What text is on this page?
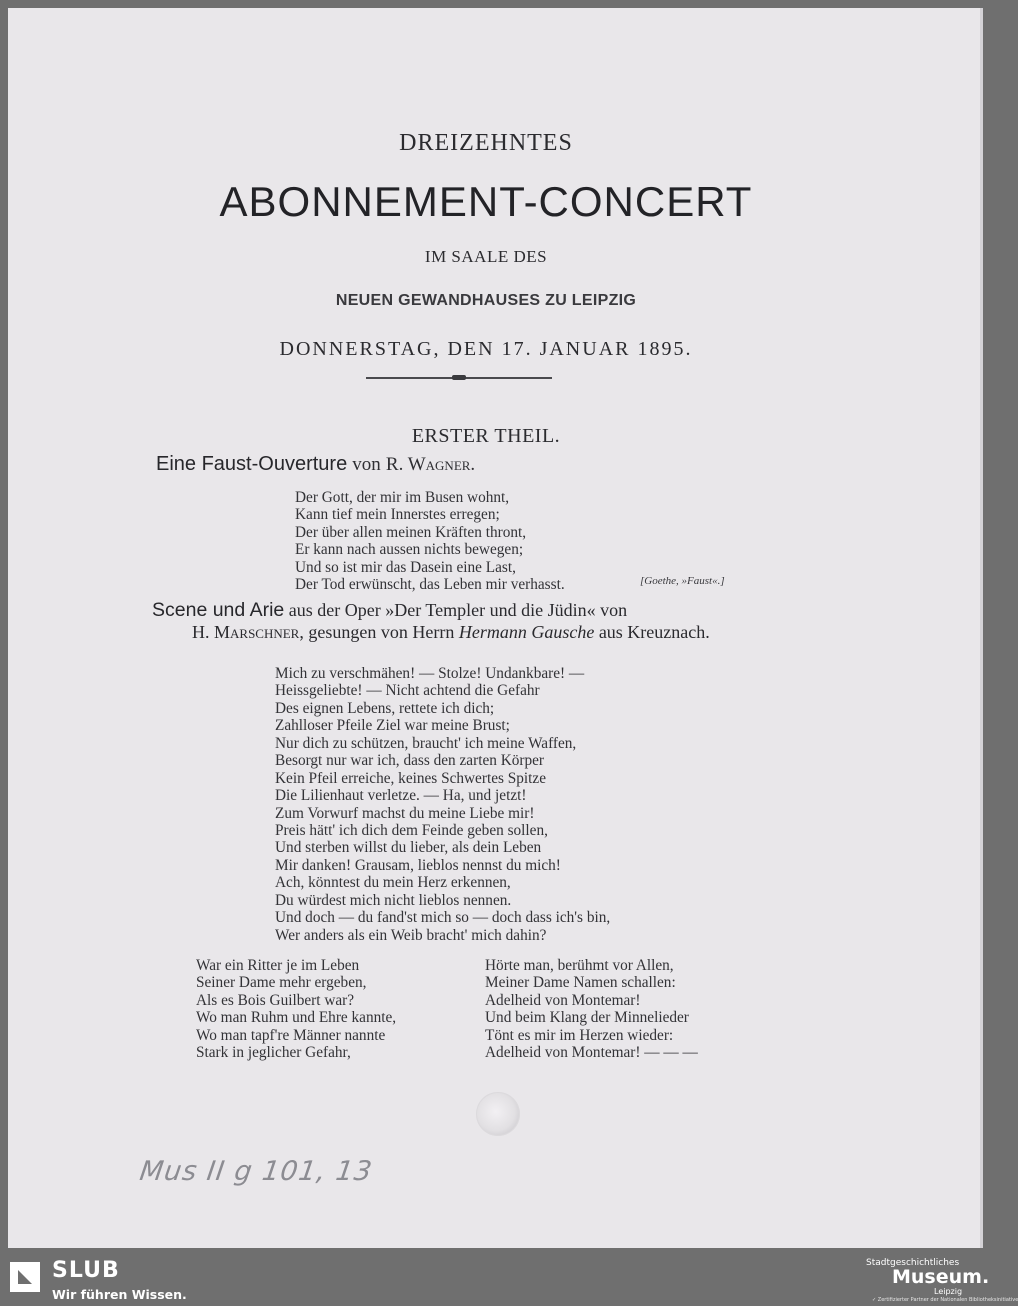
DREIZEHNTES
ABONNEMENT-CONCERT
IM SAALE DES
NEUEN GEWANDHAUSES ZU LEIPZIG
DONNERSTAG, DEN 17. JANUAR 1895.
ERSTER THEIL.
Eine Faust-Ouverture von R. Wagner.
Der Gott, der mir im Busen wohnt,
Kann tief mein Innerstes erregen;
Der über allen meinen Kräften thront,
Er kann nach aussen nichts bewegen;
Und so ist mir das Dasein eine Last,
Der Tod erwünscht, das Leben mir verhasst.	[Goethe, »Faust«.]
Scene und Arie aus der Oper »Der Templer und die Jüdin« von
H. Marschner, gesungen von Herrn Hermann Gausche aus Kreuznach.
Mich zu verschmähen! — Stolze! Undankbare! —
Heissgeliebte! — Nicht achtend die Gefahr
Des eignen Lebens, rettete ich dich;
Zahlloser Pfeile Ziel war meine Brust;
Nur dich zu schützen, braucht' ich meine Waffen,
Besorgt nur war ich, dass den zarten Körper
Kein Pfeil erreiche, keines Schwertes Spitze
Die Lilienhaut verletze. — Ha, und jetzt!
Zum Vorwurf machst du meine Liebe mir!
Preis hätt' ich dich dem Feinde geben sollen,
Und sterben willst du lieber, als dein Leben
Mir danken! Grausam, lieblos nennst du mich!
Ach, könntest du mein Herz erkennen,
Du würdest mich nicht lieblos nennen.
Und doch — du fand'st mich so — doch dass ich's bin,
Wer anders als ein Weib bracht' mich dahin?
War ein Ritter je im Leben
Seiner Dame mehr ergeben,
Als es Bois Guilbert war?
Wo man Ruhm und Ehre kannte,
Wo man tapf're Männer nannte
Stark in jeglicher Gefahr,
Hörte man, berühmt vor Allen,
Meiner Dame Namen schallen:
Adelheid von Montemar!
Und beim Klang der Minnelieder
Tönt es mir im Herzen wieder:
Adelheid von Montemar! — — —
Mus II g 101, 13
SLUB
Wir führen Wissen.
Stadtgeschichtliches
Museum.
Leipzig
✓ Zertifizierter Partner der Nationalen Bibliotheksinitiative
